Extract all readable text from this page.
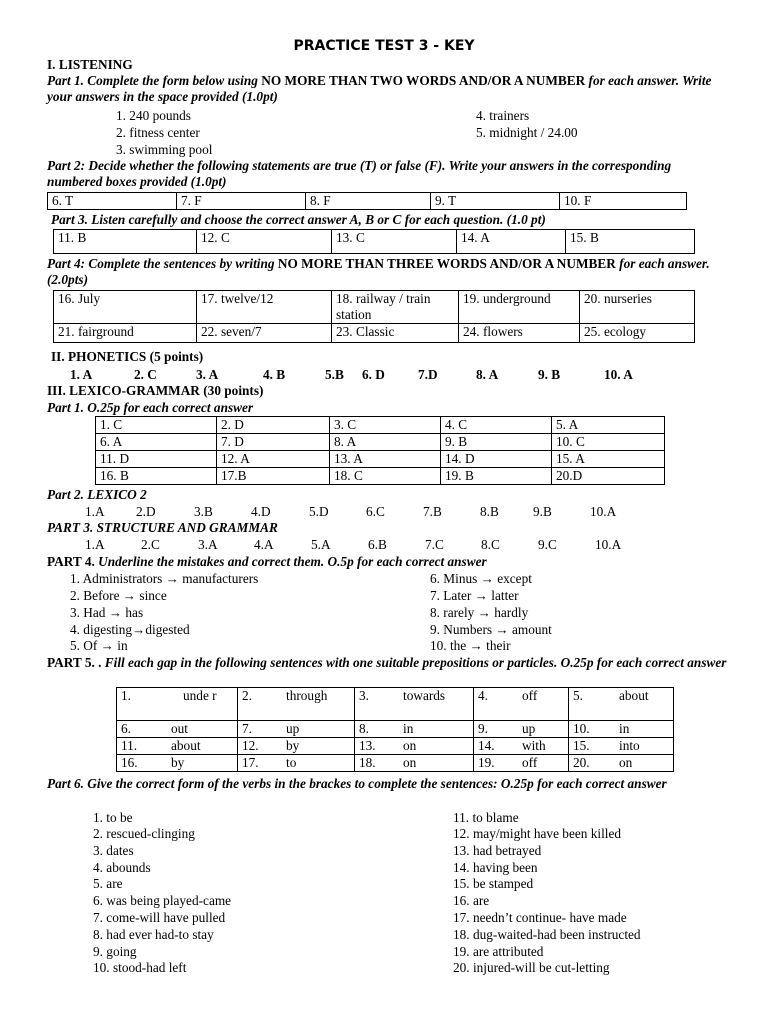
PRACTICE TEST 3 - KEY
I. LISTENING
Part 1. Complete the form below using NO MORE THAN TWO WORDS AND/OR A NUMBER for each answer. Write your answers in the space provided (1.0pt)
1. 240 pounds
2. fitness center
3. swimming pool
4. trainers
5. midnight / 24.00
Part 2: Decide whether the following statements are true (T) or false (F). Write your answers in the corresponding numbered boxes provided (1.0pt)
6. T	7. F	8. F	9. T	10. F
Part 3. Listen carefully and choose the correct answer A, B or C for each question. (1.0 pt)
11. B	12. C	13. C	14. A	15. B
Part 4: Complete the sentences by writing NO MORE THAN THREE WORDS AND/OR A NUMBER for each answer. (2.0pts)
16. July	17. twelve/12	18. railway / train station	19. underground	20. nurseries
21. fairground	22. seven/7	23. Classic	24. flowers	25. ecology
II. PHONETICS (5 points)
1. A	2. C	3. A	4. B	5.B 6. D 7.D	8. A	9. B	10. A
III. LEXICO-GRAMMAR (30 points)
Part 1. O.25p for each correct answer
1. C	2. D	3. C	4. C	5. A
6. A	7. D	8. A	9. B	10. C
11. D	12. A	13. A	14. D	15. A
16. B	17.B	18. C	19. B	20.D
Part 2. LEXICO 2
1.A 2.D	3.B	4.D	5.D	6.C	7.B	8.B	9.B	10.A
PART 3. STRUCTURE AND GRAMMAR
1.A	2.C	3.A	4.A	5.A	6.B	7.C	8.C	9.C	10.A
PART 4. Underline the mistakes and correct them. O.5p for each correct answer
1. Administrators → manufacturers
2. Before → since
3. Had → has
4. digesting→digested
5. Of → in
6. Minus → except
7. Later → latter
8. rarely → hardly
9. Numbers → amount
10. the → their
PART 5. . Fill each gap in the following sentences with one suitable prepositions or particles. O.25p for each correct answer
1. unde r	2. through	3. towards	4. off	5. about
6. out	7. up	8. in	9. up	10. in
11. about	12. by	13. on	14. with	15. into
16. by	17. to	18. on	19. off	20. on
Part 6. Give the correct form of the verbs in the brackes to complete the sentences: O.25p for each correct answer
1. to be
2. rescued-clinging
3. dates
4. abounds
5. are
6. was being played-came
7. come-will have pulled
8. had ever had-to stay
9. going
10. stood-had left
11. to blame
12. may/might have been killed
13. had betrayed
14. having been
15. be stamped
16. are
17. needn’t continue- have made
18. dug-waited-had been instructed
19. are attributed
20. injured-will be cut-letting
